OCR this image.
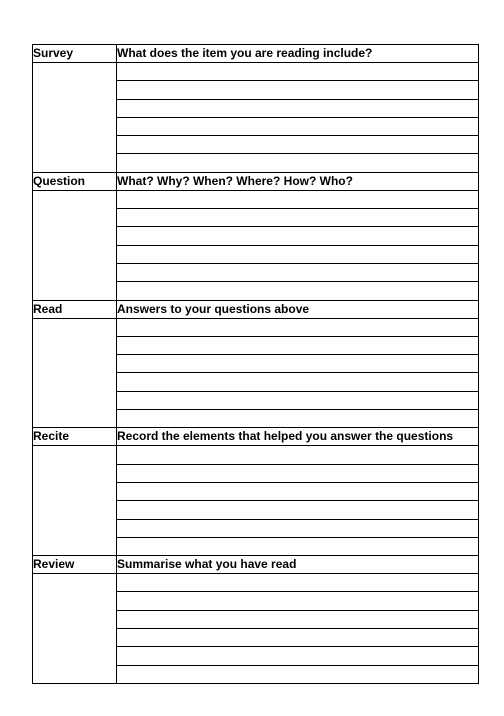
Survey	What does the item you are reading include?

Question	What? Why? When? Where? How? Who?

Read	Answers to your questions above

Recite	Record the elements that helped you answer the questions

Review	Summarise what you have read
